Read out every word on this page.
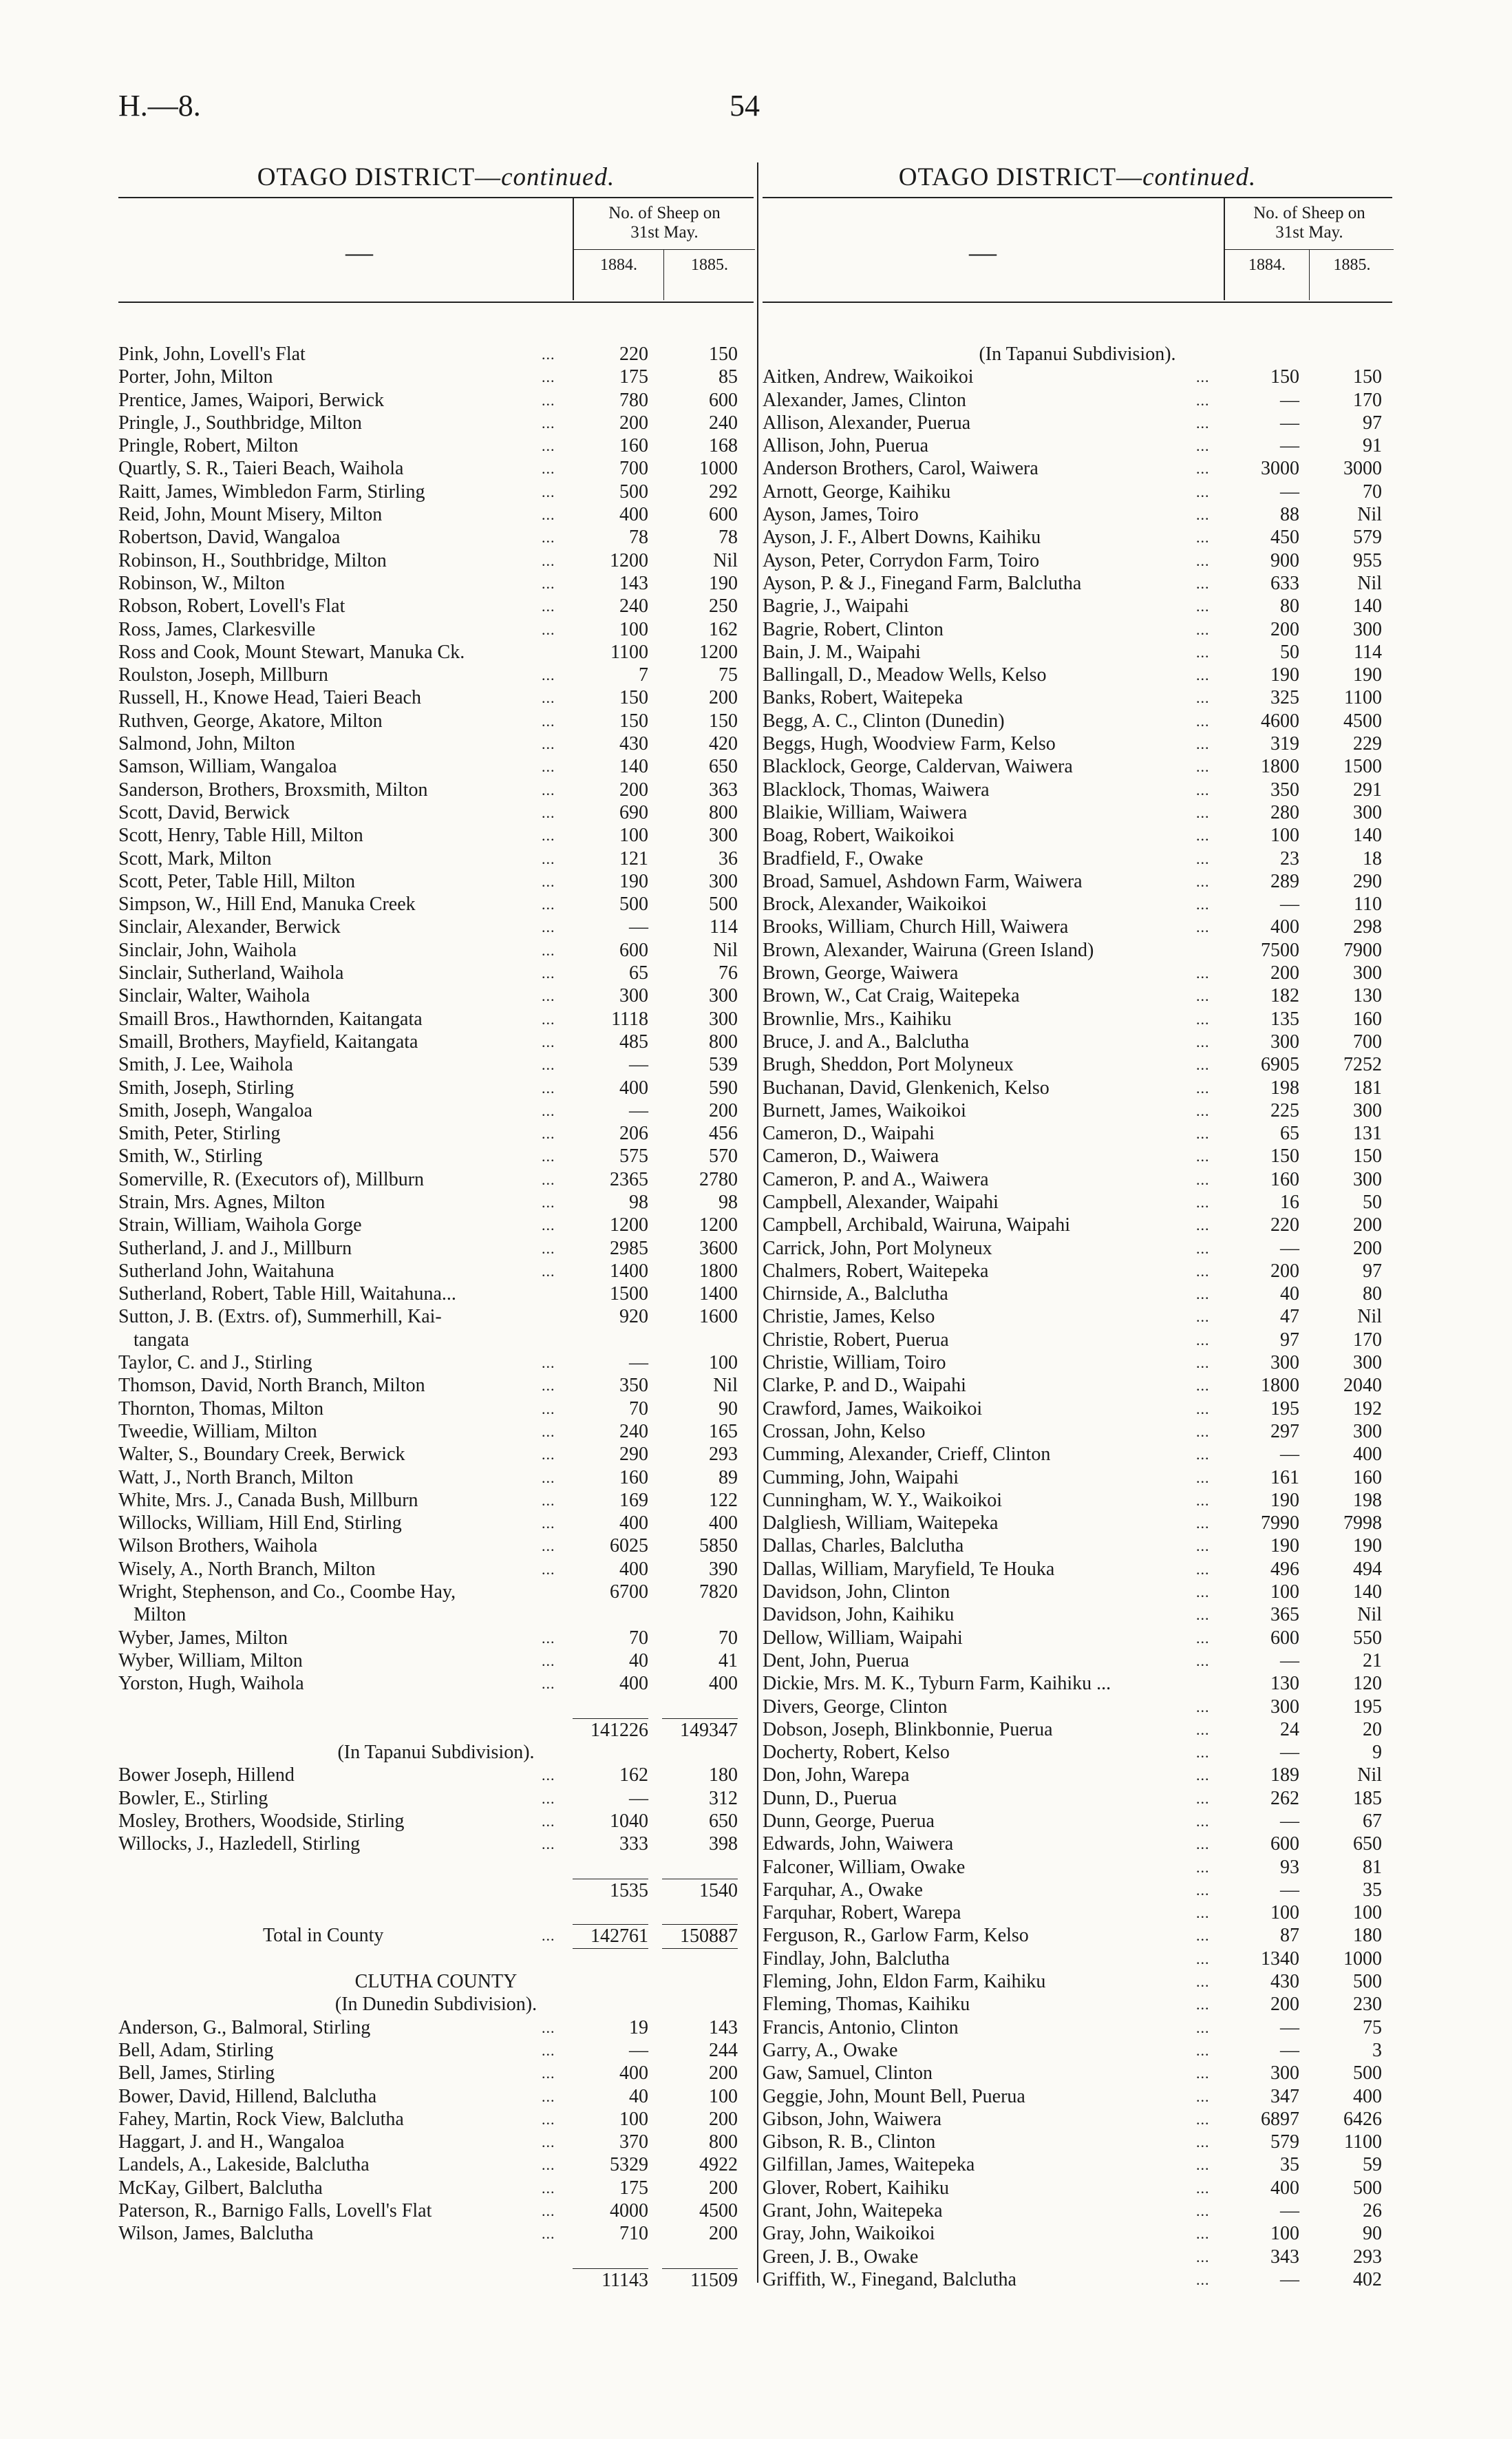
H.—8.	54
OTAGO DISTRICT—continued.
—
No. of Sheep on
31st May.
1884.	1885.
Pink, John, Lovell's Flat	...	220	150
Porter, John, Milton	...	175	85
Prentice, James, Waipori, Berwick	...	780	600
Pringle, J., Southbridge, Milton	...	200	240
Pringle, Robert, Milton	...	160	168
Quartly, S. R., Taieri Beach, Waihola	...	700	1000
Raitt, James, Wimbledon Farm, Stirling	...	500	292
Reid, John, Mount Misery, Milton	...	400	600
Robertson, David, Wangaloa	...	78	78
Robinson, H., Southbridge, Milton	...	1200	Nil
Robinson, W., Milton	...	143	190
Robson, Robert, Lovell's Flat	...	240	250
Ross, James, Clarkesville	...	100	162
Ross and Cook, Mount Stewart, Manuka Ck.	1100	1200
Roulston, Joseph, Millburn	...	7	75
Russell, H., Knowe Head, Taieri Beach	...	150	200
Ruthven, George, Akatore, Milton	...	150	150
Salmond, John, Milton	...	430	420
Samson, William, Wangaloa	...	140	650
Sanderson, Brothers, Broxsmith, Milton	...	200	363
Scott, David, Berwick	...	690	800
Scott, Henry, Table Hill, Milton	...	100	300
Scott, Mark, Milton	...	121	36
Scott, Peter, Table Hill, Milton	...	190	300
Simpson, W., Hill End, Manuka Creek	...	500	500
Sinclair, Alexander, Berwick	...	—	114
Sinclair, John, Waihola	...	600	Nil
Sinclair, Sutherland, Waihola	...	65	76
Sinclair, Walter, Waihola	...	300	300
Smaill Bros., Hawthornden, Kaitangata	...	1118	300
Smaill, Brothers, Mayfield, Kaitangata	...	485	800
Smith, J. Lee, Waihola	...	—	539
Smith, Joseph, Stirling	...	400	590
Smith, Joseph, Wangaloa	...	—	200
Smith, Peter, Stirling	...	206	456
Smith, W., Stirling	...	575	570
Somerville, R. (Executors of), Millburn	...	2365	2780
Strain, Mrs. Agnes, Milton	...	98	98
Strain, William, Waihola Gorge	...	1200	1200
Sutherland, J. and J., Millburn	...	2985	3600
Sutherland John, Waitahuna	...	1400	1800
Sutherland, Robert, Table Hill, Waitahuna...	1500	1400
Sutton, J. B. (Extrs. of), Summerhill, Kai-	920	1600
tangata
Taylor, C. and J., Stirling	...	—	100
Thomson, David, North Branch, Milton	...	350	Nil
Thornton, Thomas, Milton	...	70	90
Tweedie, William, Milton	...	240	165
Walter, S., Boundary Creek, Berwick	...	290	293
Watt, J., North Branch, Milton	...	160	89
White, Mrs. J., Canada Bush, Millburn	...	169	122
Willocks, William, Hill End, Stirling	...	400	400
Wilson Brothers, Waihola	...	6025	5850
Wisely, A., North Branch, Milton	...	400	390
Wright, Stephenson, and Co., Coombe Hay,	6700	7820
Milton
Wyber, James, Milton	...	70	70
Wyber, William, Milton	...	40	41
Yorston, Hugh, Waihola	...	400	400
141226	149347
(In Tapanui Subdivision).
Bower Joseph, Hillend	...	162	180
Bowler, E., Stirling	...	—	312
Mosley, Brothers, Woodside, Stirling	...	1040	650
Willocks, J., Hazledell, Stirling	...	333	398
1535	1540
Total in County	...	142761	150887
CLUTHA COUNTY
(In Dunedin Subdivision).
Anderson, G., Balmoral, Stirling	...	19	143
Bell, Adam, Stirling	...	—	244
Bell, James, Stirling	...	400	200
Bower, David, Hillend, Balclutha	...	40	100
Fahey, Martin, Rock View, Balclutha	...	100	200
Haggart, J. and H., Wangaloa	...	370	800
Landels, A., Lakeside, Balclutha	...	5329	4922
McKay, Gilbert, Balclutha	...	175	200
Paterson, R., Barnigo Falls, Lovell's Flat	...	4000	4500
Wilson, James, Balclutha	...	710	200
11143	11509
OTAGO DISTRICT—continued.
—
No. of Sheep on
31st May.
1884.	1885.
(In Tapanui Subdivision).
Aitken, Andrew, Waikoikoi	...	150	150
Alexander, James, Clinton	...	—	170
Allison, Alexander, Puerua	...	—	97
Allison, John, Puerua	...	—	91
Anderson Brothers, Carol, Waiwera	...	3000	3000
Arnott, George, Kaihiku	...	—	70
Ayson, James, Toiro	...	88	Nil
Ayson, J. F., Albert Downs, Kaihiku	...	450	579
Ayson, Peter, Corrydon Farm, Toiro	...	900	955
Ayson, P. & J., Finegand Farm, Balclutha	...	633	Nil
Bagrie, J., Waipahi	...	80	140
Bagrie, Robert, Clinton	...	200	300
Bain, J. M., Waipahi	...	50	114
Ballingall, D., Meadow Wells, Kelso	...	190	190
Banks, Robert, Waitepeka	...	325	1100
Begg, A. C., Clinton (Dunedin)	...	4600	4500
Beggs, Hugh, Woodview Farm, Kelso	...	319	229
Blacklock, George, Caldervan, Waiwera	...	1800	1500
Blacklock, Thomas, Waiwera	...	350	291
Blaikie, William, Waiwera	...	280	300
Boag, Robert, Waikoikoi	...	100	140
Bradfield, F., Owake	...	23	18
Broad, Samuel, Ashdown Farm, Waiwera	...	289	290
Brock, Alexander, Waikoikoi	...	—	110
Brooks, William, Church Hill, Waiwera	...	400	298
Brown, Alexander, Wairuna (Green Island)	7500	7900
Brown, George, Waiwera	...	200	300
Brown, W., Cat Craig, Waitepeka	...	182	130
Brownlie, Mrs., Kaihiku	...	135	160
Bruce, J. and A., Balclutha	...	300	700
Brugh, Sheddon, Port Molyneux	...	6905	7252
Buchanan, David, Glenkenich, Kelso	...	198	181
Burnett, James, Waikoikoi	...	225	300
Cameron, D., Waipahi	...	65	131
Cameron, D., Waiwera	...	150	150
Cameron, P. and A., Waiwera	...	160	300
Campbell, Alexander, Waipahi	...	16	50
Campbell, Archibald, Wairuna, Waipahi	...	220	200
Carrick, John, Port Molyneux	...	—	200
Chalmers, Robert, Waitepeka	...	200	97
Chirnside, A., Balclutha	...	40	80
Christie, James, Kelso	...	47	Nil
Christie, Robert, Puerua	...	97	170
Christie, William, Toiro	...	300	300
Clarke, P. and D., Waipahi	...	1800	2040
Crawford, James, Waikoikoi	...	195	192
Crossan, John, Kelso	...	297	300
Cumming, Alexander, Crieff, Clinton	...	—	400
Cumming, John, Waipahi	...	161	160
Cunningham, W. Y., Waikoikoi	...	190	198
Dalgliesh, William, Waitepeka	...	7990	7998
Dallas, Charles, Balclutha	...	190	190
Dallas, William, Maryfield, Te Houka	...	496	494
Davidson, John, Clinton	...	100	140
Davidson, John, Kaihiku	...	365	Nil
Dellow, William, Waipahi	...	600	550
Dent, John, Puerua	...	—	21
Dickie, Mrs. M. K., Tyburn Farm, Kaihiku ...	130	120
Divers, George, Clinton	...	300	195
Dobson, Joseph, Blinkbonnie, Puerua	...	24	20
Docherty, Robert, Kelso	...	—	9
Don, John, Warepa	...	189	Nil
Dunn, D., Puerua	...	262	185
Dunn, George, Puerua	...	—	67
Edwards, John, Waiwera	...	600	650
Falconer, William, Owake	...	93	81
Farquhar, A., Owake	...	—	35
Farquhar, Robert, Warepa	...	100	100
Ferguson, R., Garlow Farm, Kelso	...	87	180
Findlay, John, Balclutha	...	1340	1000
Fleming, John, Eldon Farm, Kaihiku	...	430	500
Fleming, Thomas, Kaihiku	...	200	230
Francis, Antonio, Clinton	...	—	75
Garry, A., Owake	...	—	3
Gaw, Samuel, Clinton	...	300	500
Geggie, John, Mount Bell, Puerua	...	347	400
Gibson, John, Waiwera	...	6897	6426
Gibson, R. B., Clinton	...	579	1100
Gilfillan, James, Waitepeka	...	35	59
Glover, Robert, Kaihiku	...	400	500
Grant, John, Waitepeka	...	—	26
Gray, John, Waikoikoi	...	100	90
Green, J. B., Owake	...	343	293
Griffith, W., Finegand, Balclutha	...	—	402
